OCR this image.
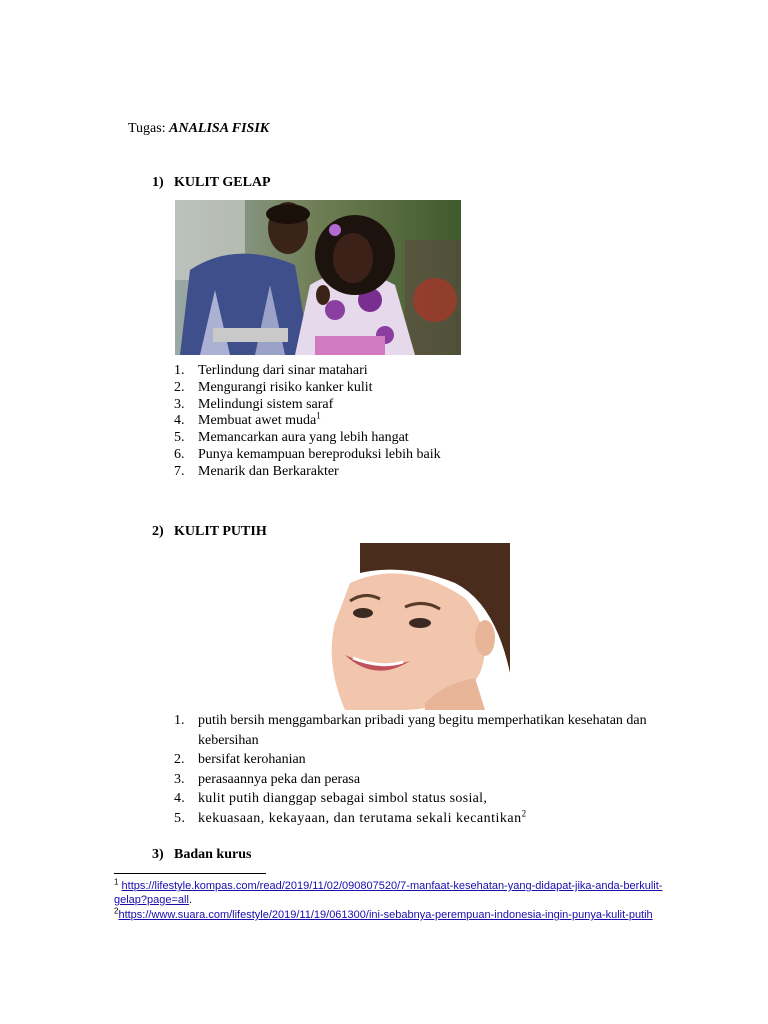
Tugas: ANALISA FISIK
1) KULIT GELAP
1. Terlindung dari sinar matahari
2. Mengurangi risiko kanker kulit
3. Melindungi sistem saraf
4. Membuat awet muda$^1$
5. Memancarkan aura yang lebih hangat
6. Punya kemampuan bereproduksi lebih baik
7. Menarik dan Berkarakter
2) KULIT PUTIH
1. putih bersih menggambarkan pribadi yang begitu memperhatikan kesehatan dan kebersihan
2. bersifat kerohanian
3. perasaannya peka dan perasa
4. kulit putih dianggap sebagai simbol status sosial,
5. kekuasaan, kekayaan, dan terutama sekali kecantikan$^2$
3) Badan kurus
$^1$ https://lifestyle.kompas.com/read/2019/11/02/090807520/7-manfaat-kesehatan-yang-didapat-jika-anda-berkulit-gelap?page=all.
$^2$https://www.suara.com/lifestyle/2019/11/19/061300/ini-sebabnya-perempuan-indonesia-ingin-punya-kulit-putih
